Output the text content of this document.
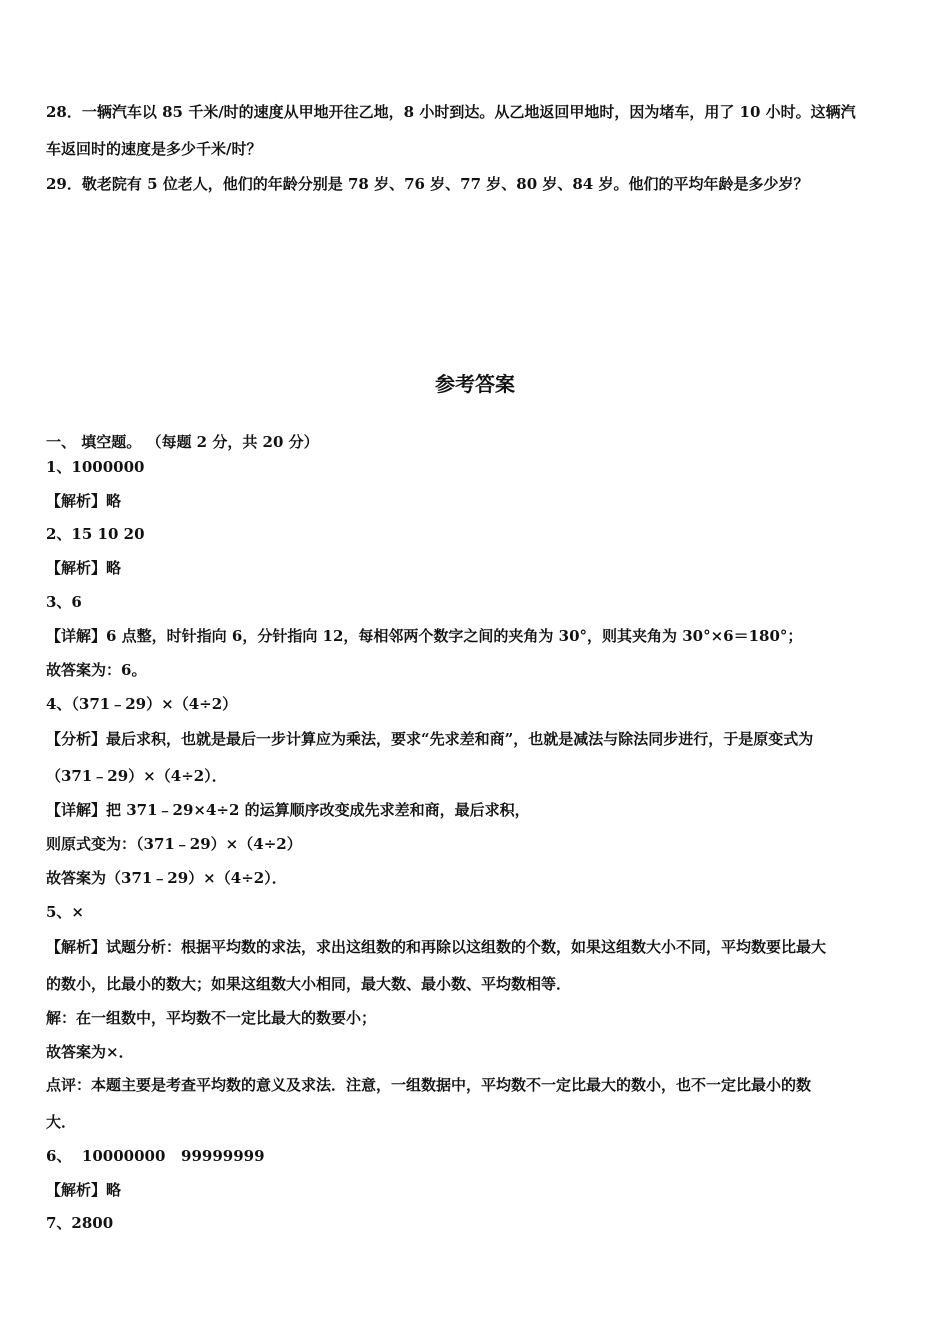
28．一辆汽车以 85 千米/时的速度从甲地开往乙地，8 小时到达。从乙地返回甲地时，因为堵车，用了 10 小时。这辆汽
车返回时的速度是多少千米/时？
29．敬老院有 5 位老人，他们的年龄分别是 78 岁、76 岁、77 岁、80 岁、84 岁。他们的平均年龄是多少岁？
参考答案
一、 填空题。 （每题 2 分，共 20 分）
1、1000000
【解析】略
2、15 10 20
【解析】略
3、6
【详解】6 点整，时针指向 6，分针指向 12，每相邻两个数字之间的夹角为 30°，则其夹角为 30°×6＝180°；
故答案为：6。
4、（371﹣29）×（4÷2）
【分析】最后求积，也就是最后一步计算应为乘法，要求“先求差和商”，也就是减法与除法同步进行，于是原变式为
（371﹣29）×（4÷2）．
【详解】把 371﹣29×4÷2 的运算顺序改变成先求差和商，最后求积，
则原式变为：（371﹣29）×（4÷2）
故答案为（371﹣29）×（4÷2）．
5、×
【解析】试题分析：根据平均数的求法，求出这组数的和再除以这组数的个数，如果这组数大小不同，平均数要比最大
的数小，比最小的数大；如果这组数大小相同，最大数、最小数、平均数相等．
解：在一组数中，平均数不一定比最大的数要小；
故答案为×．
点评：本题主要是考查平均数的意义及求法．注意，一组数据中，平均数不一定比最大的数小，也不一定比最小的数
大．
6、  10000000   99999999
【解析】略
7、2800
